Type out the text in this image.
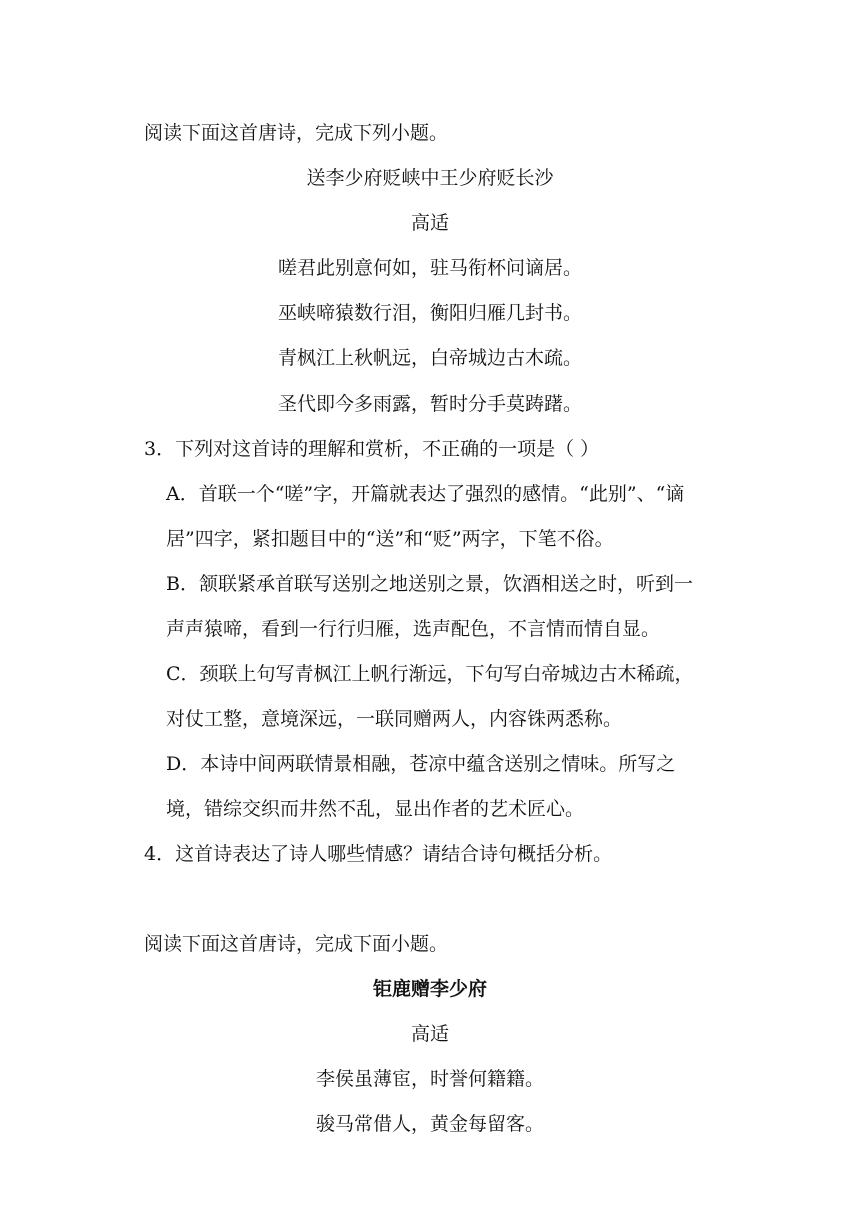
阅读下面这首唐诗，完成下列小题。
送李少府贬峡中王少府贬长沙
高适
嗟君此别意何如，驻马衔杯问谪居。
巫峡啼猿数行泪，衡阳归雁几封书。
青枫江上秋帆远，白帝城边古木疏。
圣代即今多雨露，暂时分手莫踌躇。
3．下列对这首诗的理解和赏析，不正确的一项是（ ）
A．首联一个“嗟”字，开篇就表达了强烈的感情。“此别”、“谪
居”四字，紧扣题目中的“送”和“贬”两字，下笔不俗。
B．颔联紧承首联写送别之地送别之景，饮酒相送之时，听到一
声声猿啼，看到一行行归雁，选声配色，不言情而情自显。
C．颈联上句写青枫江上帆行渐远，下句写白帝城边古木稀疏，
对仗工整，意境深远，一联同赠两人，内容铢两悉称。
D．本诗中间两联情景相融，苍凉中蕴含送别之情味。所写之
境，错综交织而井然不乱，显出作者的艺术匠心。
4．这首诗表达了诗人哪些情感？请结合诗句概括分析。
阅读下面这首唐诗，完成下面小题。
钜鹿赠李少府
高适
李侯虽薄宦，时誉何籍籍。
骏马常借人，黄金每留客。
